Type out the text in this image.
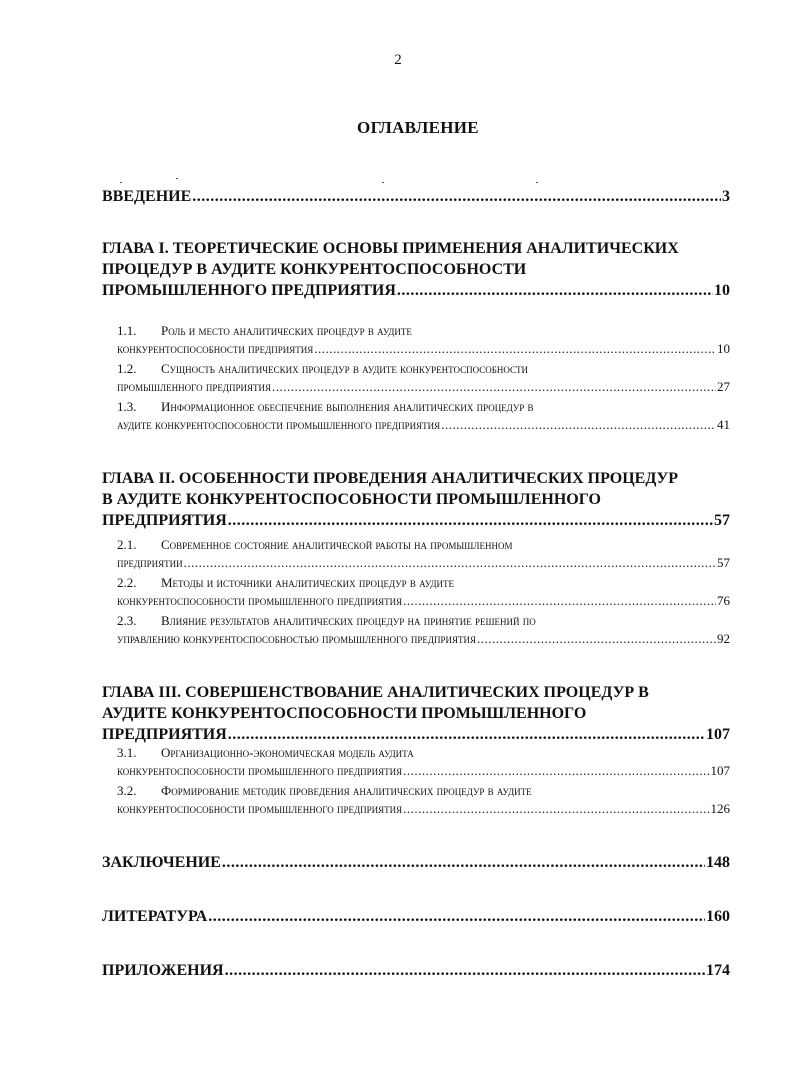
2
ОГЛАВЛЕНИЕ
ВВЕДЕНИЕ .....	3
ГЛАВА I. ТЕОРЕТИЧЕСКИЕ ОСНОВЫ ПРИМЕНЕНИЯ АНАЛИТИЧЕСКИХ
ПРОЦЕДУР В АУДИТЕ КОНКУРЕНТОСПОСОБНОСТИ
ПРОМЫШЛЕННОГО ПРЕДПРИЯТИЯ .....	10
1.1. Роль и место аналитических процедур в аудите
конкурентоспособности предприятия .....	10
1.2. Сущность аналитических процедур в аудите конкурентоспособности
промышленного предприятия .....	27
1.3. Информационное обеспечение выполнения аналитических процедур в
аудите конкурентоспособности промышленного предприятия .....	41
ГЛАВА II. ОСОБЕННОСТИ ПРОВЕДЕНИЯ АНАЛИТИЧЕСКИХ ПРОЦЕДУР
В АУДИТЕ КОНКУРЕНТОСПОСОБНОСТИ ПРОМЫШЛЕННОГО
ПРЕДПРИЯТИЯ .....	57
2.1. Современное состояние аналитической работы на промышленном
предприятии .....	57
2.2. Методы и источники аналитических процедур в аудите
конкурентоспособности промышленного предприятия .....	76
2.3. Влияние результатов аналитических процедур на принятие решений по
управлению конкурентоспособностью промышленного предприятия .....	92
ГЛАВА III. СОВЕРШЕНСТВОВАНИЕ АНАЛИТИЧЕСКИХ ПРОЦЕДУР В
АУДИТЕ КОНКУРЕНТОСПОСОБНОСТИ ПРОМЫШЛЕННОГО
ПРЕДПРИЯТИЯ .....	107
3.1. Организационно-экономическая модель аудита
конкурентоспособности промышленного предприятия .....	107
3.2. Формирование методик проведения аналитических процедур в аудите
конкурентоспособности промышленного предприятия .....	126
ЗАКЛЮЧЕНИЕ .....	148
ЛИТЕРАТУРА .....	160
ПРИЛОЖЕНИЯ .....	174
